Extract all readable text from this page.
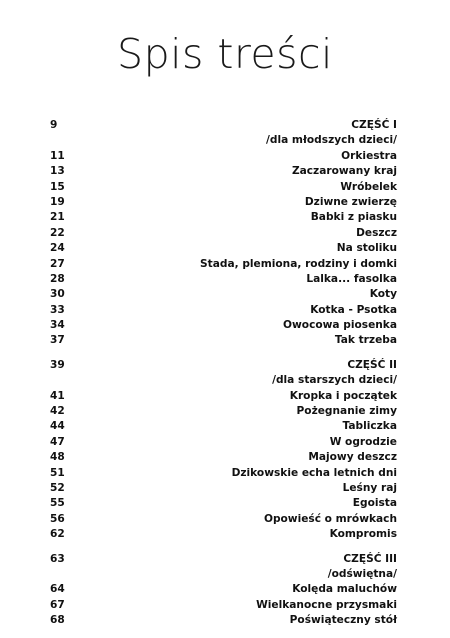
Spis treści
9	CZĘŚĆ I
/dla młodszych dzieci/
11	Orkiestra
13	Zaczarowany kraj
15	Wróbelek
19	Dziwne zwierzę
21	Babki z piasku
22	Deszcz
24	Na stoliku
27	Stada, plemiona, rodziny i domki
28	Lalka... fasolka
30	Koty
33	Kotka - Psotka
34	Owocowa piosenka
37	Tak trzeba
39	CZĘŚĆ II
/dla starszych dzieci/
41	Kropka i początek
42	Pożegnanie zimy
44	Tabliczka
47	W ogrodzie
48	Majowy deszcz
51	Dzikowskie echa letnich dni
52	Leśny raj
55	Egoista
56	Opowieść o mrówkach
62	Kompromis
63	CZĘŚĆ III
/odświętna/
64	Kolęda maluchów
67	Wielkanocne przysmaki
68	Poświąteczny stół
